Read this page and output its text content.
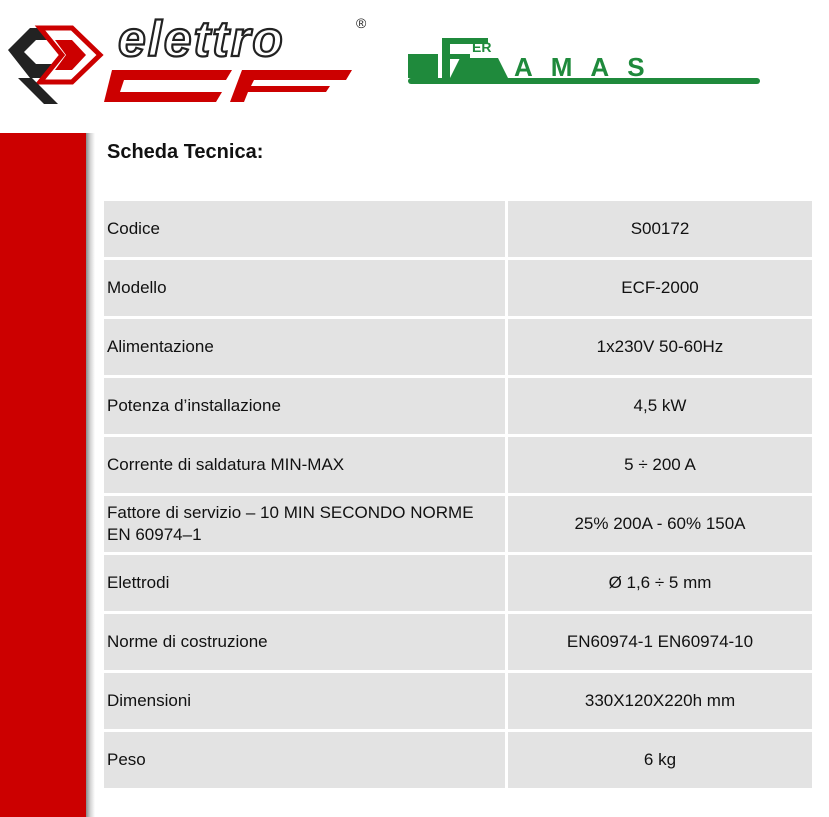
elettro	®
ER
AMAS
Scheda Tecnica:
Codice	S00172
Modello	ECF-2000
Alimentazione	1x230V 50-60Hz
Potenza d’installazione	4,5 kW
Corrente di saldatura MIN-MAX	5 ÷ 200 A
Fattore di servizio – 10 MIN SECONDO NORME EN 60974–1	25% 200A - 60% 150A
Elettrodi	Ø 1,6 ÷ 5 mm
Norme di costruzione	EN60974-1 EN60974-10
Dimensioni	330X120X220h mm
Peso	6 kg
